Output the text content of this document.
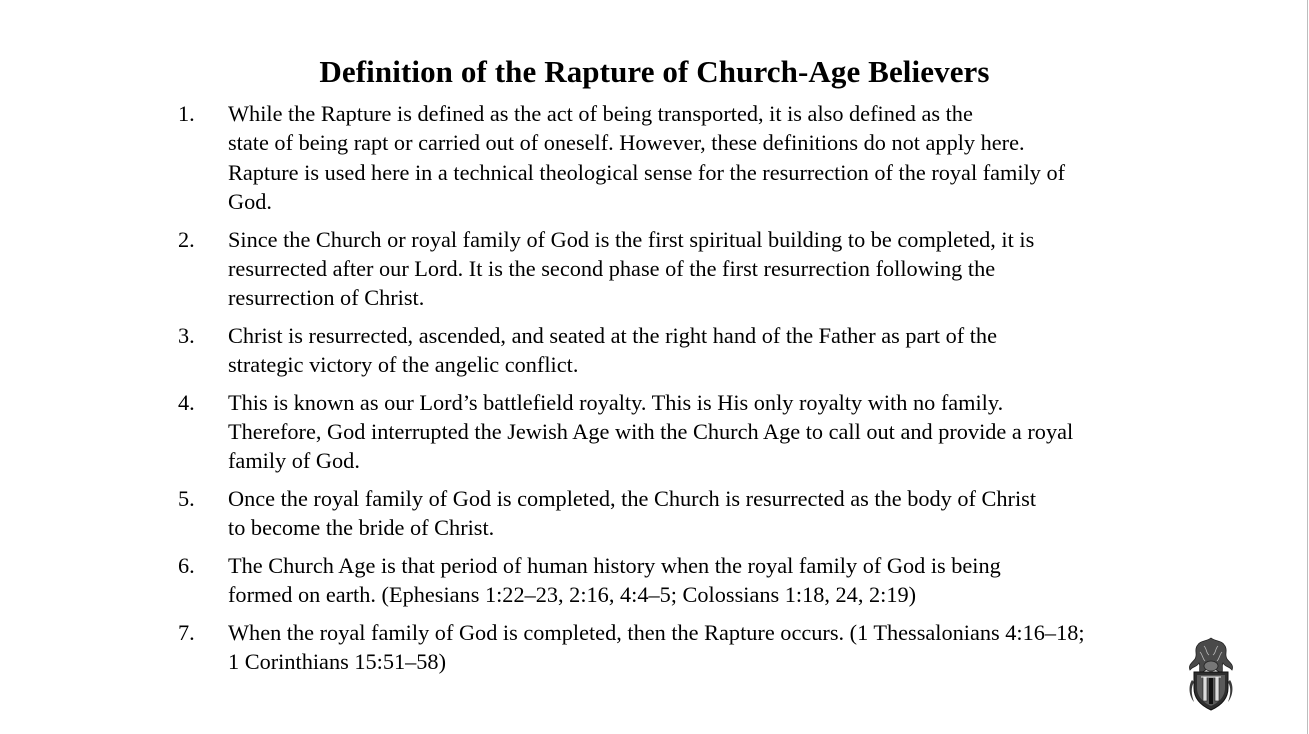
Definition of the Rapture of Church-Age Believers
1. While the Rapture is defined as the act of being transported, it is also defined as the
state of being rapt or carried out of oneself. However, these definitions do not apply here.
Rapture is used here in a technical theological sense for the resurrection of the royal family of
God.
2. Since the Church or royal family of God is the first spiritual building to be completed, it is
resurrected after our Lord. It is the second phase of the first resurrection following the
resurrection of Christ.
3. Christ is resurrected, ascended, and seated at the right hand of the Father as part of the
strategic victory of the angelic conflict.
4. This is known as our Lord’s battlefield royalty. This is His only royalty with no family.
Therefore, God interrupted the Jewish Age with the Church Age to call out and provide a royal
family of God.
5. Once the royal family of God is completed, the Church is resurrected as the body of Christ
to become the bride of Christ.
6. The Church Age is that period of human history when the royal family of God is being
formed on earth. (Ephesians 1:22–23, 2:16, 4:4–5; Colossians 1:18, 24, 2:19)
7. When the royal family of God is completed, then the Rapture occurs. (1 Thessalonians 4:16–18;
1 Corinthians 15:51–58)
